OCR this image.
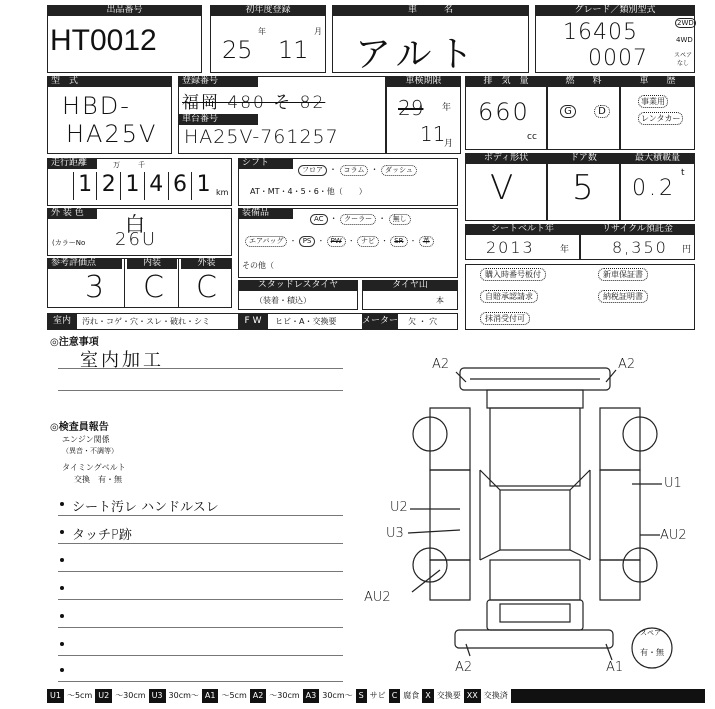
出品番号
HT0012
初年度登録
25
年
11
月
車　　　名
アルト
グレード／類別型式
16405
0007
2WD
4WD
スペア なし
型　式
HBD-
HA25V
登録番号
福岡 480 そ 82
車台番号
HA25V-761257
車検期限
29 年
11
月
排　気　量
660
cc
燃　　料
G	D
車　　歴
事業用
レンタカー
走行距離	万	千
1 2 1 4 6 1 km
シフト
フロア ・ コラム ・ ダッシュ
AT・MT・4・5・6・他（　　）
ボディ形状
V
ドア数
5
最大積載量
0.2
t
外 装 色	白
(カラーNo 26U
装備品
AC ・ クーラー ・ 無し
エアバッグ ・ PS ・ PW ・ ナビ ・ SR ・ 革
その他（
シートベルト年
2013	年
リサイクル預託金
8,350 円
参考評価点	内装	外装
3 C C	スタッドレスタイヤ
（装着・積込）
タイヤ山
本
購入時番号板付	新車保証書
自賠承認請求	納税証明書
抹消受付可
室内	汚れ・コゲ・穴・スレ・破れ・シミ	F W	ヒビ・A・交換要	メーター 欠 ・ 穴
◎注意事項
室内加工
◎検査員報告
エンジン関係
（異音・不調等）
タイミングベルト
交換　有・無
シート汚レ ハンドルスレ
タッチP跡
A2	A2
U1
U2
U3	AU2
AU2
A2	A1
スペア
有・無
U1 〜5cm U2 〜30cm U3 30cm〜 A1 〜5cm A2 〜30cm A3 30cm〜 S サビ C 腐食 X 交換要 XX 交換済
